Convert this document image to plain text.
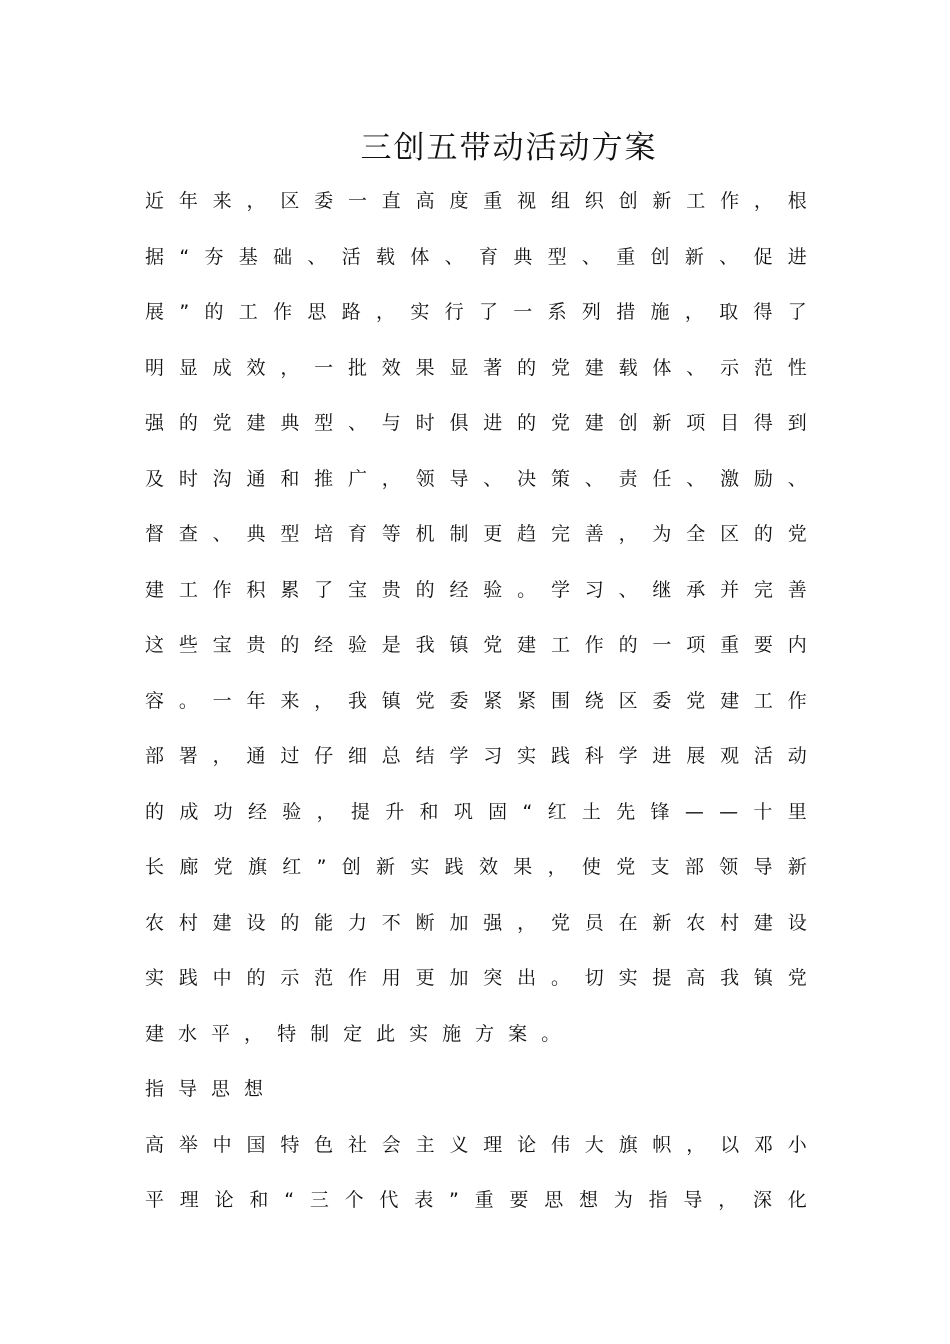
三创五带动活动方案
近 年 来 ， 区 委 一 直 高 度 重 视 组 织 创 新 工 作 ， 根
据 “ 夯 基 础 、 活 载 体 、 育 典 型 、 重 创 新 、 促 进
展 ” 的 工 作 思 路 ， 实 行 了 一 系 列 措 施 ， 取 得 了
明 显 成 效 ， 一 批 效 果 显 著 的 党 建 载 体 、 示 范 性
强 的 党 建 典 型 、 与 时 俱 进 的 党 建 创 新 项 目 得 到
及 时 沟 通 和 推 广 ， 领 导 、 决 策 、 责 任 、 激 励 、
督 查 、 典 型 培 育 等 机 制 更 趋 完 善 ， 为 全 区 的 党
建 工 作 积 累 了 宝 贵 的 经 验 。 学 习 、 继 承 并 完 善
这 些 宝 贵 的 经 验 是 我 镇 党 建 工 作 的 一 项 重 要 内
容 。 一 年 来 ， 我 镇 党 委 紧 紧 围 绕 区 委 党 建 工 作
部 署 ， 通 过 仔 细 总 结 学 习 实 践 科 学 进 展 观 活 动
的 成 功 经 验 ， 提 升 和 巩 固 “ 红 土 先 锋 — — 十 里
长 廊 党 旗 红 ” 创 新 实 践 效 果 ， 使 党 支 部 领 导 新
农 村 建 设 的 能 力 不 断 加 强 ， 党 员 在 新 农 村 建 设
实 践 中 的 示 范 作 用 更 加 突 出 。 切 实 提 高 我 镇 党
建 水 平 ， 特 制 定 此 实 施 方 案 。
指 导 思 想
高 举 中 国 特 色 社 会 主 义 理 论 伟 大 旗 帜 ， 以 邓 小
平 理 论 和 “ 三 个 代 表 ” 重 要 思 想 为 指 导 ， 深 化
